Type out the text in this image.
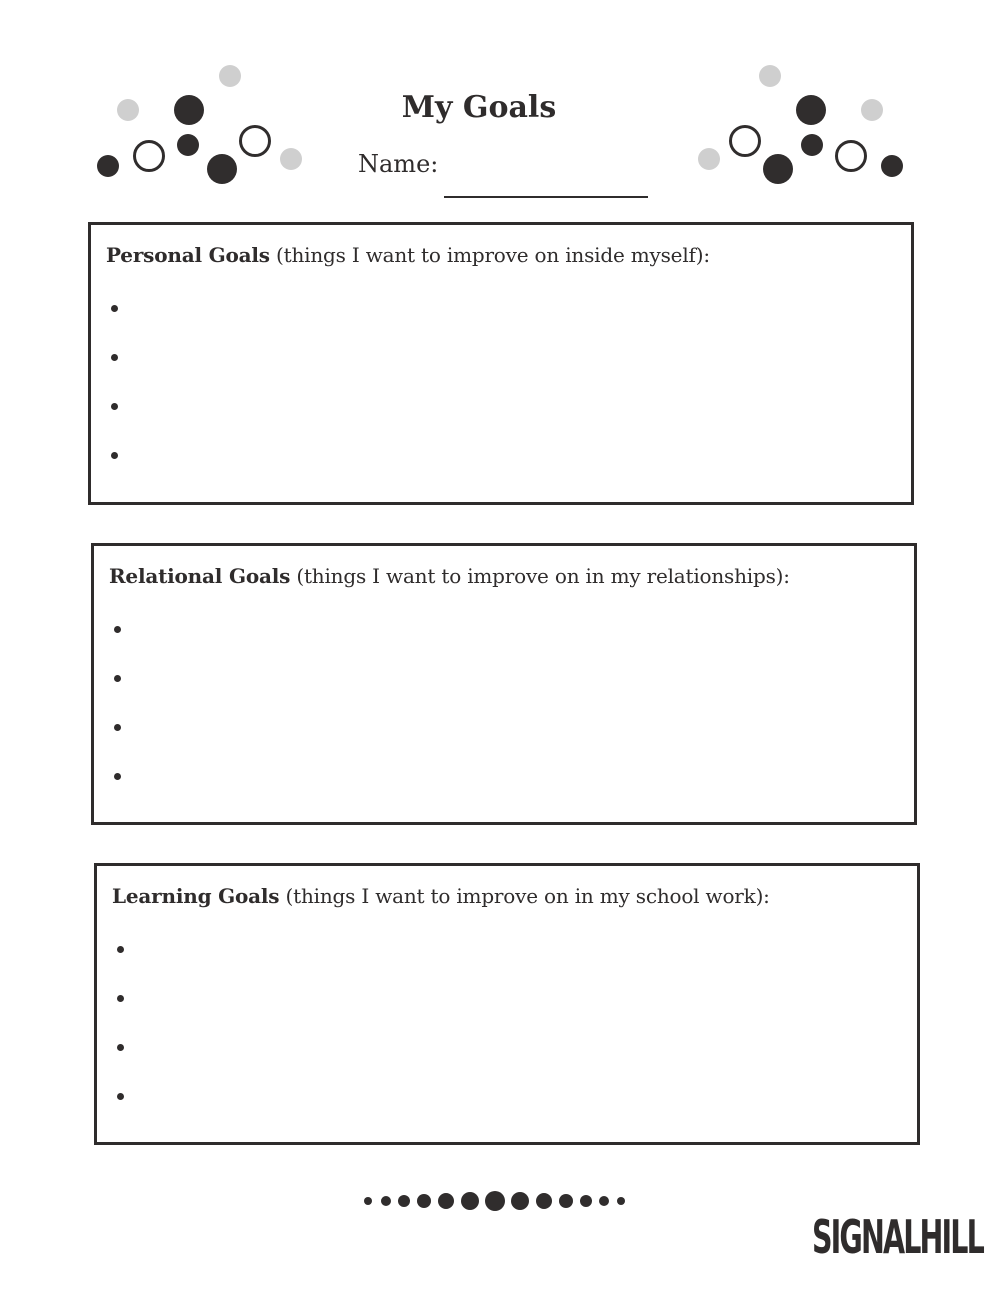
My Goals
Name:
Personal Goals (things I want to improve on inside myself):
Relational Goals (things I want to improve on in my relationships):
Learning Goals (things I want to improve on in my school work):
SIGNALHILL
